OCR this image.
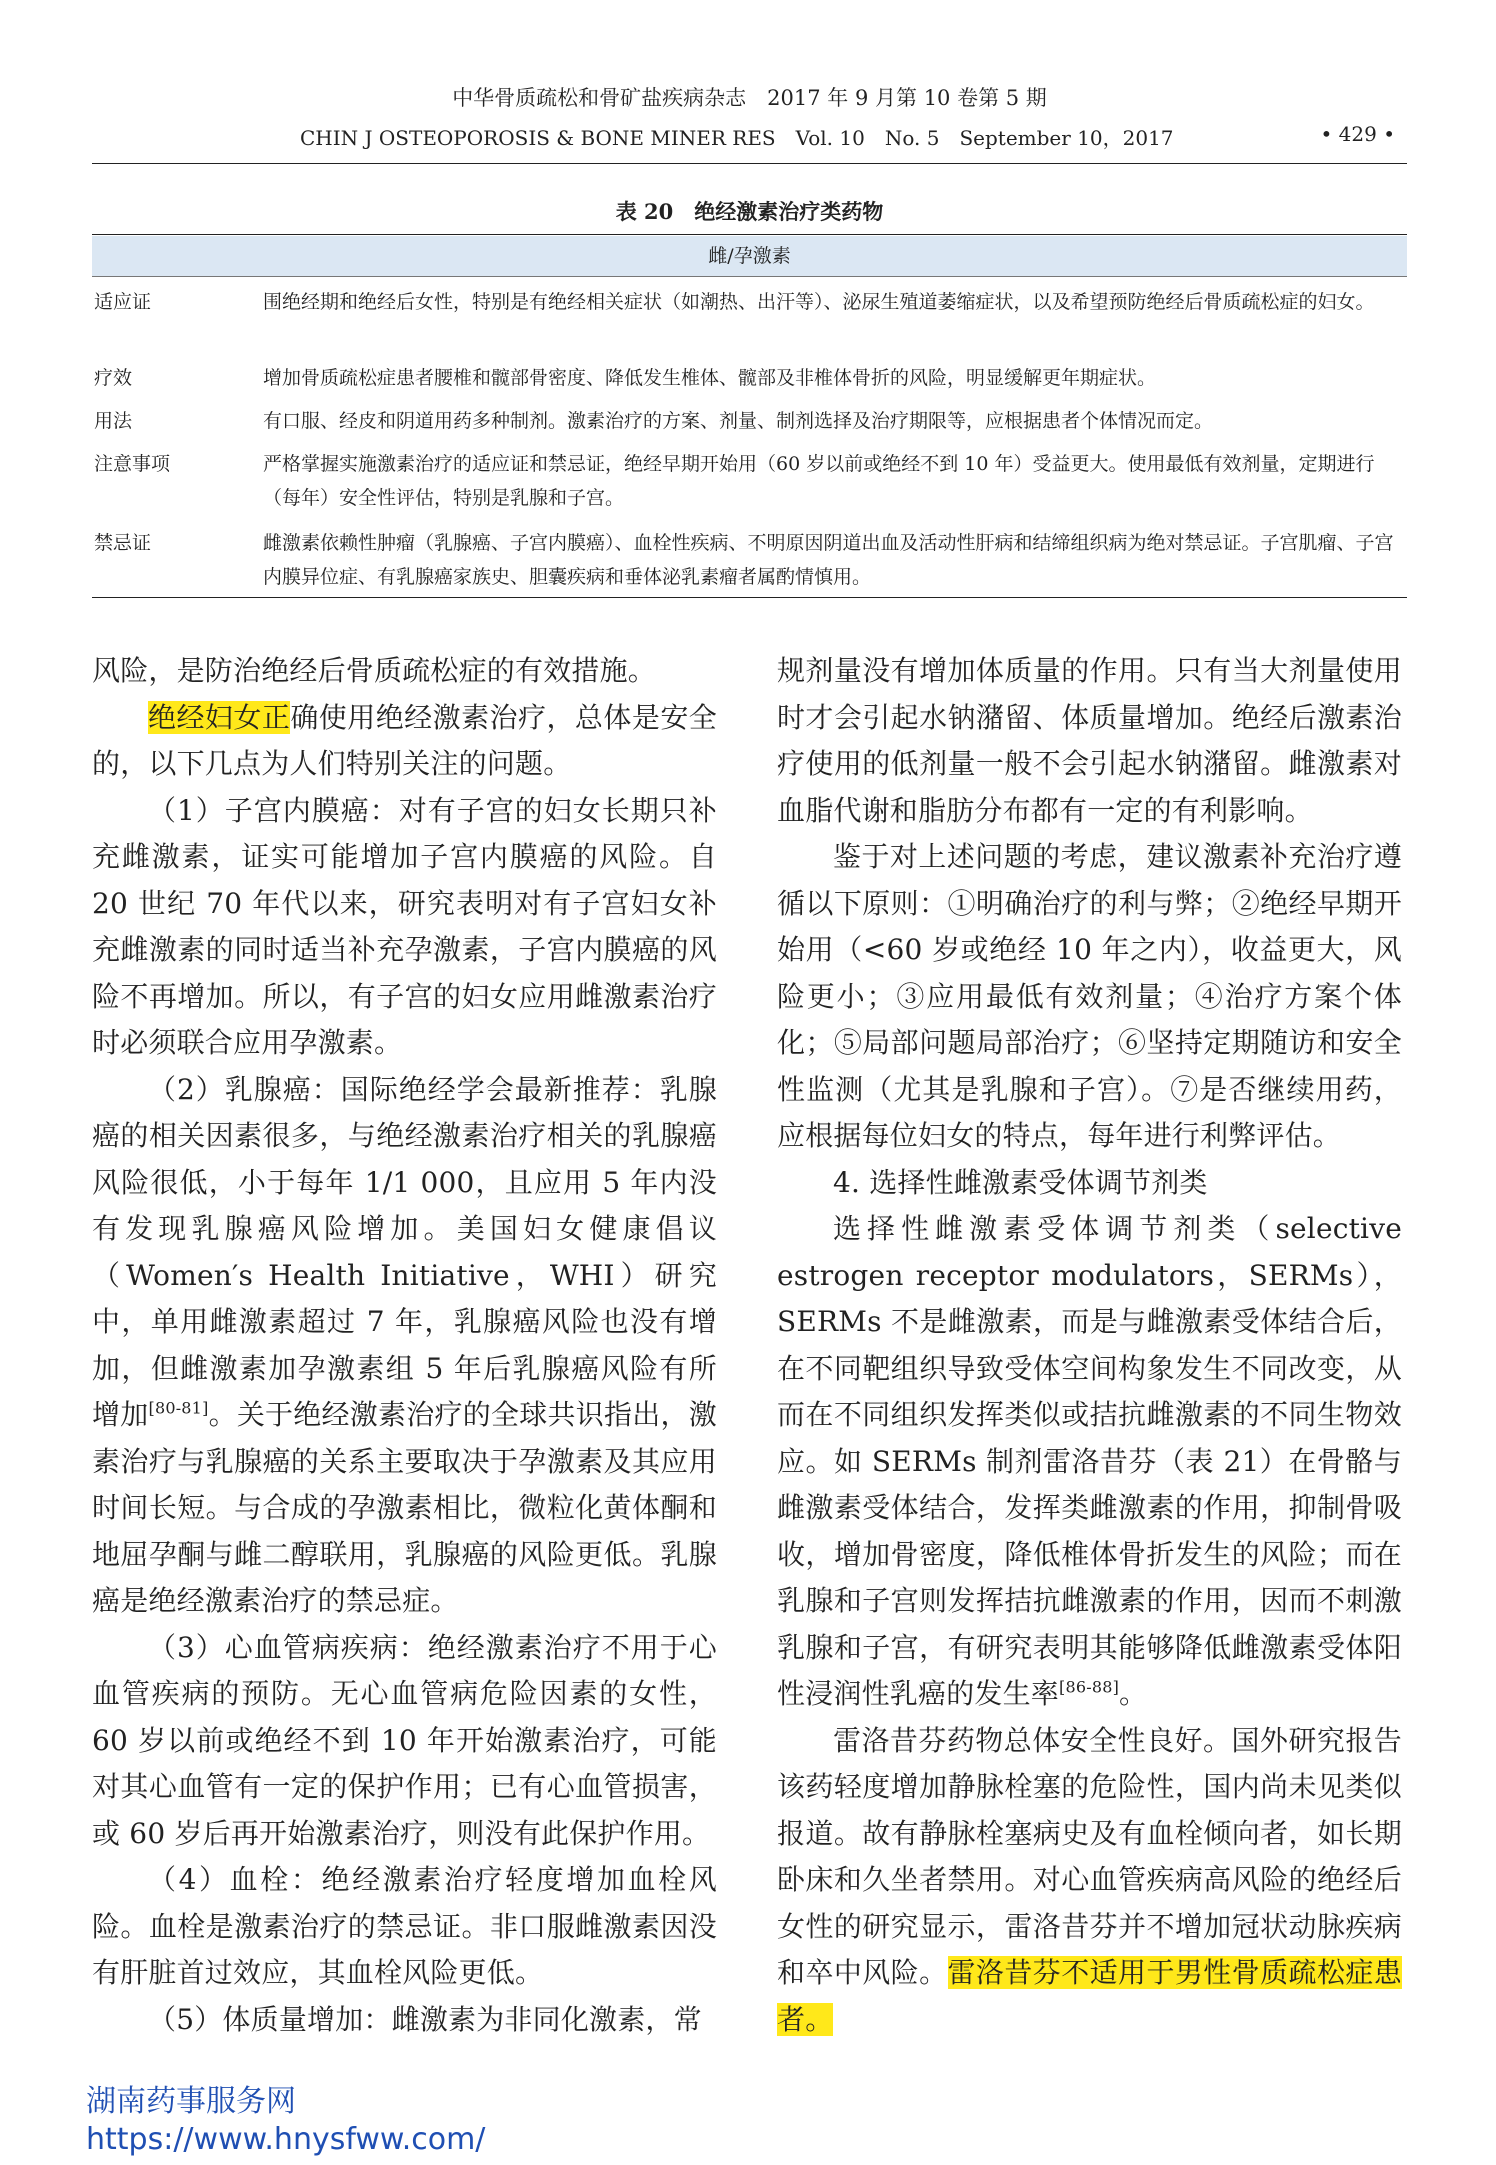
中华骨质疏松和骨矿盐疾病杂志　2017 年 9 月第 10 卷第 5 期
CHIN J OSTEOPOROSIS & BONE MINER RES　Vol. 10　No. 5　September 10，2017	• 429 •
表 20　绝经激素治疗类药物
雌/孕激素
适应证	围绝经期和绝经后女性，特别是有绝经相关症状（如潮热、出汗等）、泌尿生殖道萎缩症状，以及希望预防绝经后骨质疏松症的妇女。
疗效	增加骨质疏松症患者腰椎和髋部骨密度、降低发生椎体、髋部及非椎体骨折的风险，明显缓解更年期症状。
用法	有口服、经皮和阴道用药多种制剂。激素治疗的方案、剂量、制剂选择及治疗期限等，应根据患者个体情况而定。
注意事项	严格掌握实施激素治疗的适应证和禁忌证，绝经早期开始用（60 岁以前或绝经不到 10 年）受益更大。使用最低有效剂量，定期进行（每年）安全性评估，特别是乳腺和子宫。
禁忌证	雌激素依赖性肿瘤（乳腺癌、子宫内膜癌）、血栓性疾病、不明原因阴道出血及活动性肝病和结缔组织病为绝对禁忌证。子宫肌瘤、子宫内膜异位症、有乳腺癌家族史、胆囊疾病和垂体泌乳素瘤者属酌情慎用。

风险，是防治绝经后骨质疏松症的有效措施。

绝经妇女正确使用绝经激素治疗，总体是安全的，以下几点为人们特别关注的问题。

（1）子宫内膜癌：对有子宫的妇女长期只补充雌激素，证实可能增加子宫内膜癌的风险。自 20 世纪 70 年代以来，研究表明对有子宫妇女补充雌激素的同时适当补充孕激素，子宫内膜癌的风险不再增加。所以，有子宫的妇女应用雌激素治疗时必须联合应用孕激素。

（2）乳腺癌：国际绝经学会最新推荐：乳腺癌的相关因素很多，与绝经激素治疗相关的乳腺癌风险很低，小于每年 1/1 000，且应用 5 年内没有发现乳腺癌风险增加。美国妇女健康倡议（Women′s Health Initiative，WHI）研究中，单用雌激素超过 7 年，乳腺癌风险也没有增加，但雌激素加孕激素组 5 年后乳腺癌风险有所增加[80-81]。关于绝经激素治疗的全球共识指出，激素治疗与乳腺癌的关系主要取决于孕激素及其应用时间长短。与合成的孕激素相比，微粒化黄体酮和地屈孕酮与雌二醇联用，乳腺癌的风险更低。乳腺癌是绝经激素治疗的禁忌症。

（3）心血管病疾病：绝经激素治疗不用于心血管疾病的预防。无心血管病危险因素的女性，60 岁以前或绝经不到 10 年开始激素治疗，可能对其心血管有一定的保护作用；已有心血管损害，或 60 岁后再开始激素治疗，则没有此保护作用。

（4）血栓：绝经激素治疗轻度增加血栓风险。血栓是激素治疗的禁忌证。非口服雌激素因没有肝脏首过效应，其血栓风险更低。

（5）体质量增加：雌激素为非同化激素，常

规剂量没有增加体质量的作用。只有当大剂量使用时才会引起水钠潴留、体质量增加。绝经后激素治疗使用的低剂量一般不会引起水钠潴留。雌激素对血脂代谢和脂肪分布都有一定的有利影响。

鉴于对上述问题的考虑，建议激素补充治疗遵循以下原则：①明确治疗的利与弊；②绝经早期开始用（<60 岁或绝经 10 年之内），收益更大，风险更小；③应用最低有效剂量；④治疗方案个体化；⑤局部问题局部治疗；⑥坚持定期随访和安全性监测（尤其是乳腺和子宫）。⑦是否继续用药，应根据每位妇女的特点，每年进行利弊评估。

4. 选择性雌激素受体调节剂类

选择性雌激素受体调节剂类（selective estrogen receptor modulators，SERMs），SERMs 不是雌激素，而是与雌激素受体结合后，在不同靶组织导致受体空间构象发生不同改变，从而在不同组织发挥类似或拮抗雌激素的不同生物效应。如 SERMs 制剂雷洛昔芬（表 21）在骨骼与雌激素受体结合，发挥类雌激素的作用，抑制骨吸收，增加骨密度，降低椎体骨折发生的风险；而在乳腺和子宫则发挥拮抗雌激素的作用，因而不刺激乳腺和子宫，有研究表明其能够降低雌激素受体阳性浸润性乳癌的发生率[86-88]。

雷洛昔芬药物总体安全性良好。国外研究报告该药轻度增加静脉栓塞的危险性，国内尚未见类似报道。故有静脉栓塞病史及有血栓倾向者，如长期卧床和久坐者禁用。对心血管疾病高风险的绝经后女性的研究显示，雷洛昔芬并不增加冠状动脉疾病和卒中风险。雷洛昔芬不适用于男性骨质疏松症患者。

湖南药事服务网
https://www.hnysfww.com/
